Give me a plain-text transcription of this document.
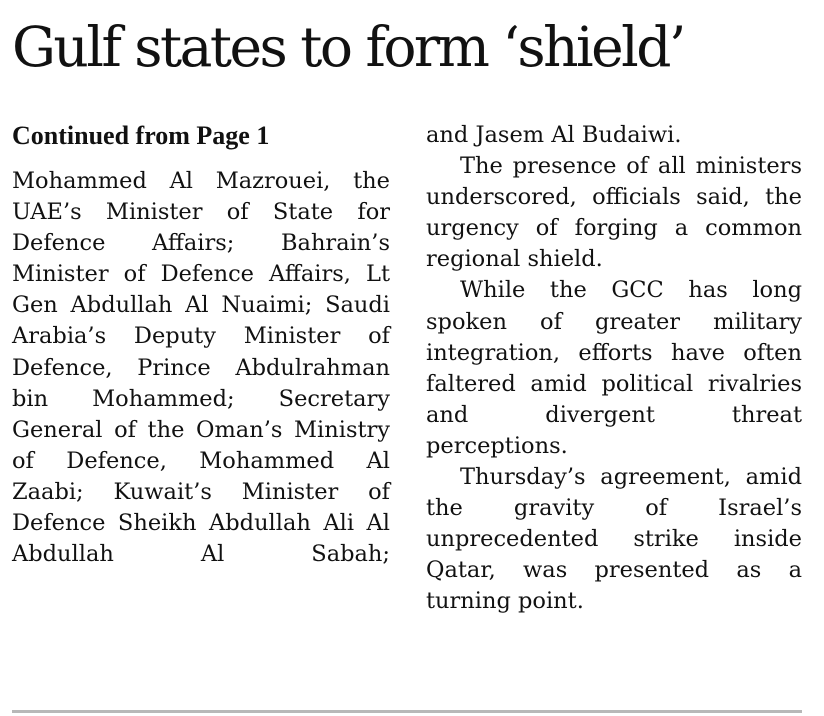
Gulf states to form ‘shield’

Continued from Page 1

Mohammed Al Mazrouei, the UAE’s Minister of State for Defence Affairs; Bahrain’s Minister of Defence Affairs, Lt Gen Abdullah Al Nuaimi; Saudi Arabia’s Deputy Minister of Defence, Prince Abdulrahman bin Mohammed; Secretary General of the Oman’s Ministry of Defence, Mohammed Al Zaabi; Kuwait’s Minister of Defence Sheikh Abdullah Ali Al Abdullah Al Sabah;

and Jasem Al Budaiwi.

The presence of all ministers underscored, officials said, the urgency of forging a common regional shield.

While the GCC has long spoken of greater military integration, efforts have often faltered amid political rivalries and divergent threat perceptions.

Thursday’s agreement, amid the gravity of Israel’s unprecedented strike inside Qatar, was presented as a turning point.
